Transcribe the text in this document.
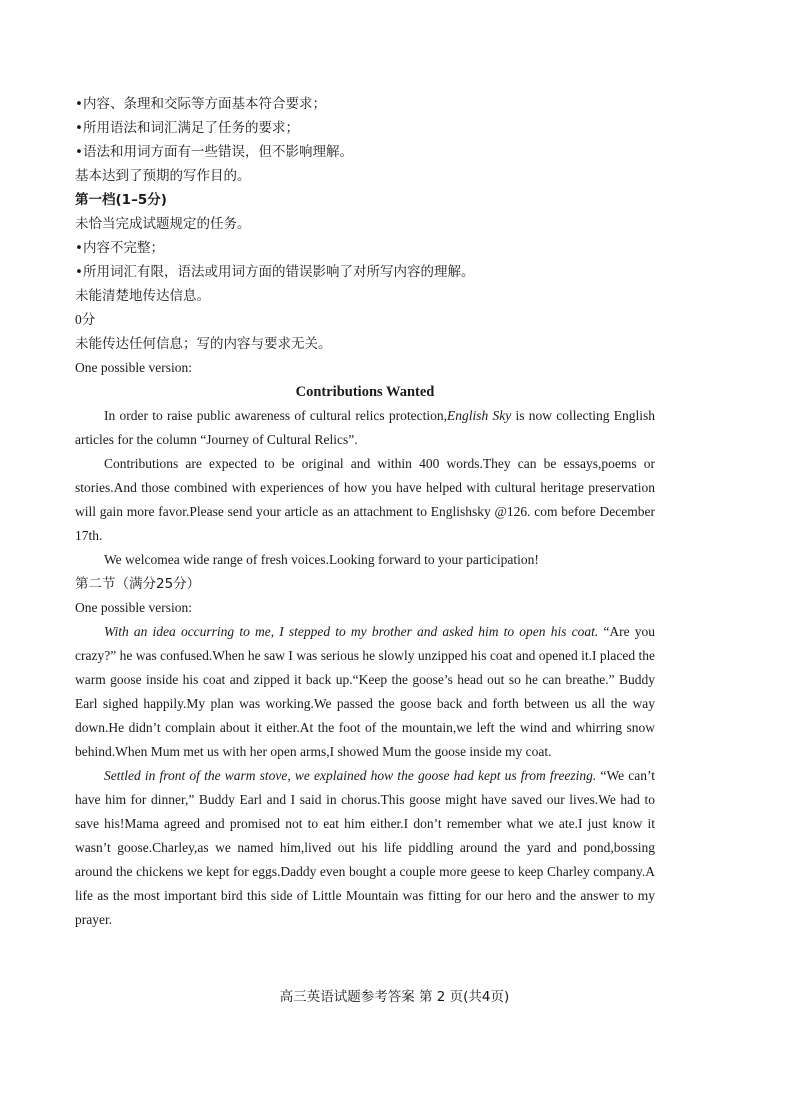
•内容、条理和交际等方面基本符合要求；
•所用语法和词汇满足了任务的要求；
•语法和用词方面有一些错误，但不影响理解。
基本达到了预期的写作目的。
第一档(1–5分)
未恰当完成试题规定的任务。
•内容不完整；
•所用词汇有限，语法或用词方面的错误影响了对所写内容的理解。
未能清楚地传达信息。
0分
未能传达任何信息；写的内容与要求无关。
One possible version:
Contributions Wanted

In order to raise public awareness of cultural relics protection,English Sky is now collecting English articles for the column “Journey of Cultural Relics”.

Contributions are expected to be original and within 400 words.They can be essays,poems or stories.And those combined with experiences of how you have helped with cultural heritage preservation will gain more favor.Please send your article as an attachment to Englishsky @126. com before December 17th.

We welcomea wide range of fresh voices.Looking forward to your participation!

第二节（满分25分）
One possible version:

With an idea occurring to me, I stepped to my brother and asked him to open his coat. “Are you crazy?” he was confused.When he saw I was serious he slowly unzipped his coat and opened it.I placed the warm goose inside his coat and zipped it back up.“Keep the goose’s head out so he can breathe.” Buddy Earl sighed happily.My plan was working.We passed the goose back and forth between us all the way down.He didn’t complain about it either.At the foot of the mountain,we left the wind and whirring snow behind.When Mum met us with her open arms,I showed Mum the goose inside my coat.

Settled in front of the warm stove, we explained how the goose had kept us from freezing. “We can’t have him for dinner,” Buddy Earl and I said in chorus.This goose might have saved our lives.We had to save his!Mama agreed and promised not to eat him either.I don’t remember what we ate.I just know it wasn’t goose.Charley,as we named him,lived out his life piddling around the yard and pond,bossing around the chickens we kept for eggs.Daddy even bought a couple more geese to keep Charley company.A life as the most important bird this side of Little Mountain was fitting for our hero and the answer to my prayer.

高三英语试题参考答案 第 2 页(共4页)
